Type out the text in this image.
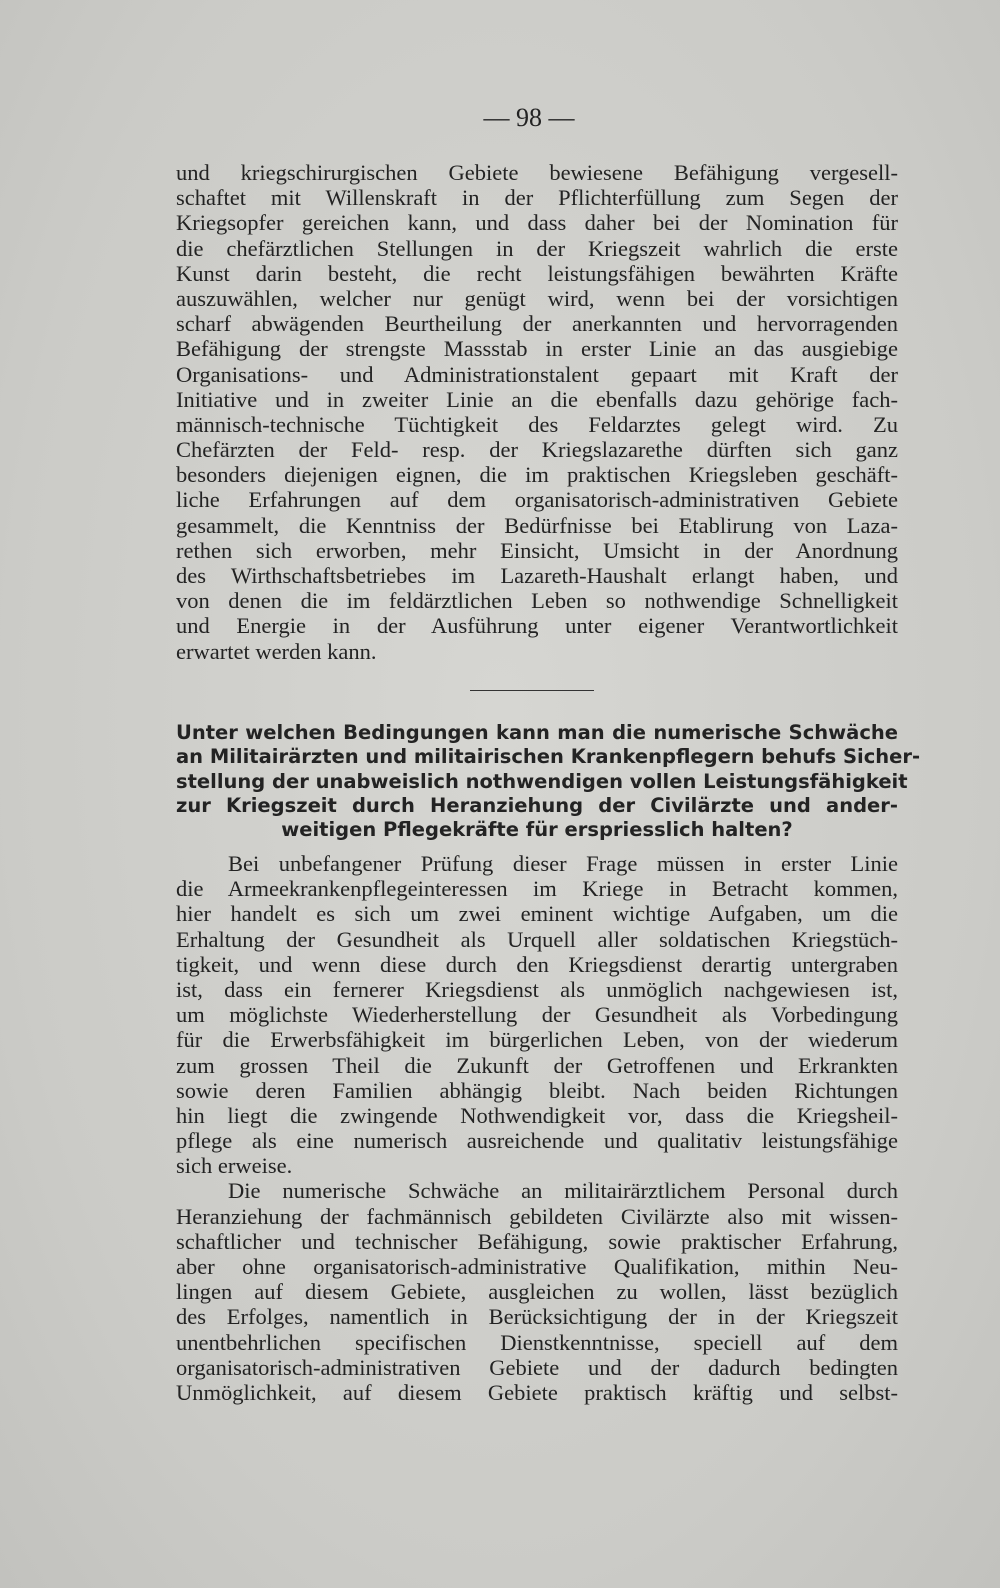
— 98 —
und kriegschirurgischen Gebiete bewiesene Befähigung vergesell-
schaftet mit Willenskraft in der Pflichterfüllung zum Segen der
Kriegsopfer gereichen kann, und dass daher bei der Nomination für
die chefärztlichen Stellungen in der Kriegszeit wahrlich die erste
Kunst darin besteht, die recht leistungsfähigen bewährten Kräfte
auszuwählen, welcher nur genügt wird, wenn bei der vorsichtigen
scharf abwägenden Beurtheilung der anerkannten und hervorragenden
Befähigung der strengste Massstab in erster Linie an das ausgiebige
Organisations- und Administrationstalent gepaart mit Kraft der
Initiative und in zweiter Linie an die ebenfalls dazu gehörige fach-
männisch-technische Tüchtigkeit des Feldarztes gelegt wird. Zu
Chefärzten der Feld- resp. der Kriegslazarethe dürften sich ganz
besonders diejenigen eignen, die im praktischen Kriegsleben geschäft-
liche Erfahrungen auf dem organisatorisch-administrativen Gebiete
gesammelt, die Kenntniss der Bedürfnisse bei Etablirung von Laza-
rethen sich erworben, mehr Einsicht, Umsicht in der Anordnung
des Wirthschaftsbetriebes im Lazareth-Haushalt erlangt haben, und
von denen die im feldärztlichen Leben so nothwendige Schnelligkeit
und Energie in der Ausführung unter eigener Verantwortlichkeit
erwartet werden kann.
Unter welchen Bedingungen kann man die numerische Schwäche
an Militairärzten und militairischen Krankenpflegern behufs Sicher-
stellung der unabweislich nothwendigen vollen Leistungsfähigkeit
zur Kriegszeit durch Heranziehung der Civilärzte und ander-
weitigen Pflegekräfte für erspriesslich halten?
Bei unbefangener Prüfung dieser Frage müssen in erster Linie
die Armeekrankenpflegeinteressen im Kriege in Betracht kommen,
hier handelt es sich um zwei eminent wichtige Aufgaben, um die
Erhaltung der Gesundheit als Urquell aller soldatischen Kriegstüch-
tigkeit, und wenn diese durch den Kriegsdienst derartig untergraben
ist, dass ein fernerer Kriegsdienst als unmöglich nachgewiesen ist,
um möglichste Wiederherstellung der Gesundheit als Vorbedingung
für die Erwerbsfähigkeit im bürgerlichen Leben, von der wiederum
zum grossen Theil die Zukunft der Getroffenen und Erkrankten
sowie deren Familien abhängig bleibt. Nach beiden Richtungen
hin liegt die zwingende Nothwendigkeit vor, dass die Kriegsheil-
pflege als eine numerisch ausreichende und qualitativ leistungsfähige
sich erweise.
Die numerische Schwäche an militairärztlichem Personal durch
Heranziehung der fachmännisch gebildeten Civilärzte also mit wissen-
schaftlicher und technischer Befähigung, sowie praktischer Erfahrung,
aber ohne organisatorisch-administrative Qualifikation, mithin Neu-
lingen auf diesem Gebiete, ausgleichen zu wollen, lässt bezüglich
des Erfolges, namentlich in Berücksichtigung der in der Kriegszeit
unentbehrlichen specifischen Dienstkenntnisse, speciell auf dem
organisatorisch-administrativen Gebiete und der dadurch bedingten
Unmöglichkeit, auf diesem Gebiete praktisch kräftig und selbst-
